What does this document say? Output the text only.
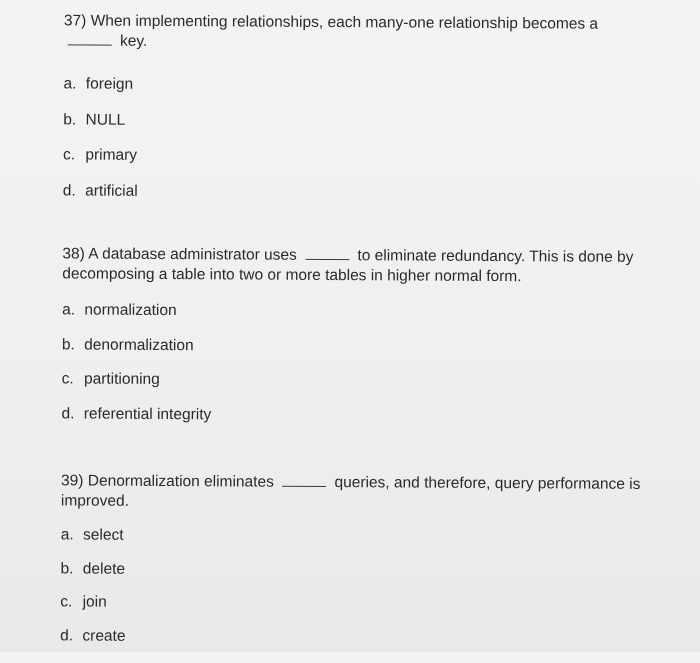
37) When implementing relationships, each many-one relationship becomes a  key.

a. foreign
b. NULL
c. primary
d. artificial

38) A database administrator uses	to eliminate redundancy. This is done by decomposing a table into two or more tables in higher normal form.

a. normalization
b. denormalization
c. partitioning
d. referential integrity

39) Denormalization eliminates	queries, and therefore, query performance is improved.

a. select
b. delete
c. join
d. create
